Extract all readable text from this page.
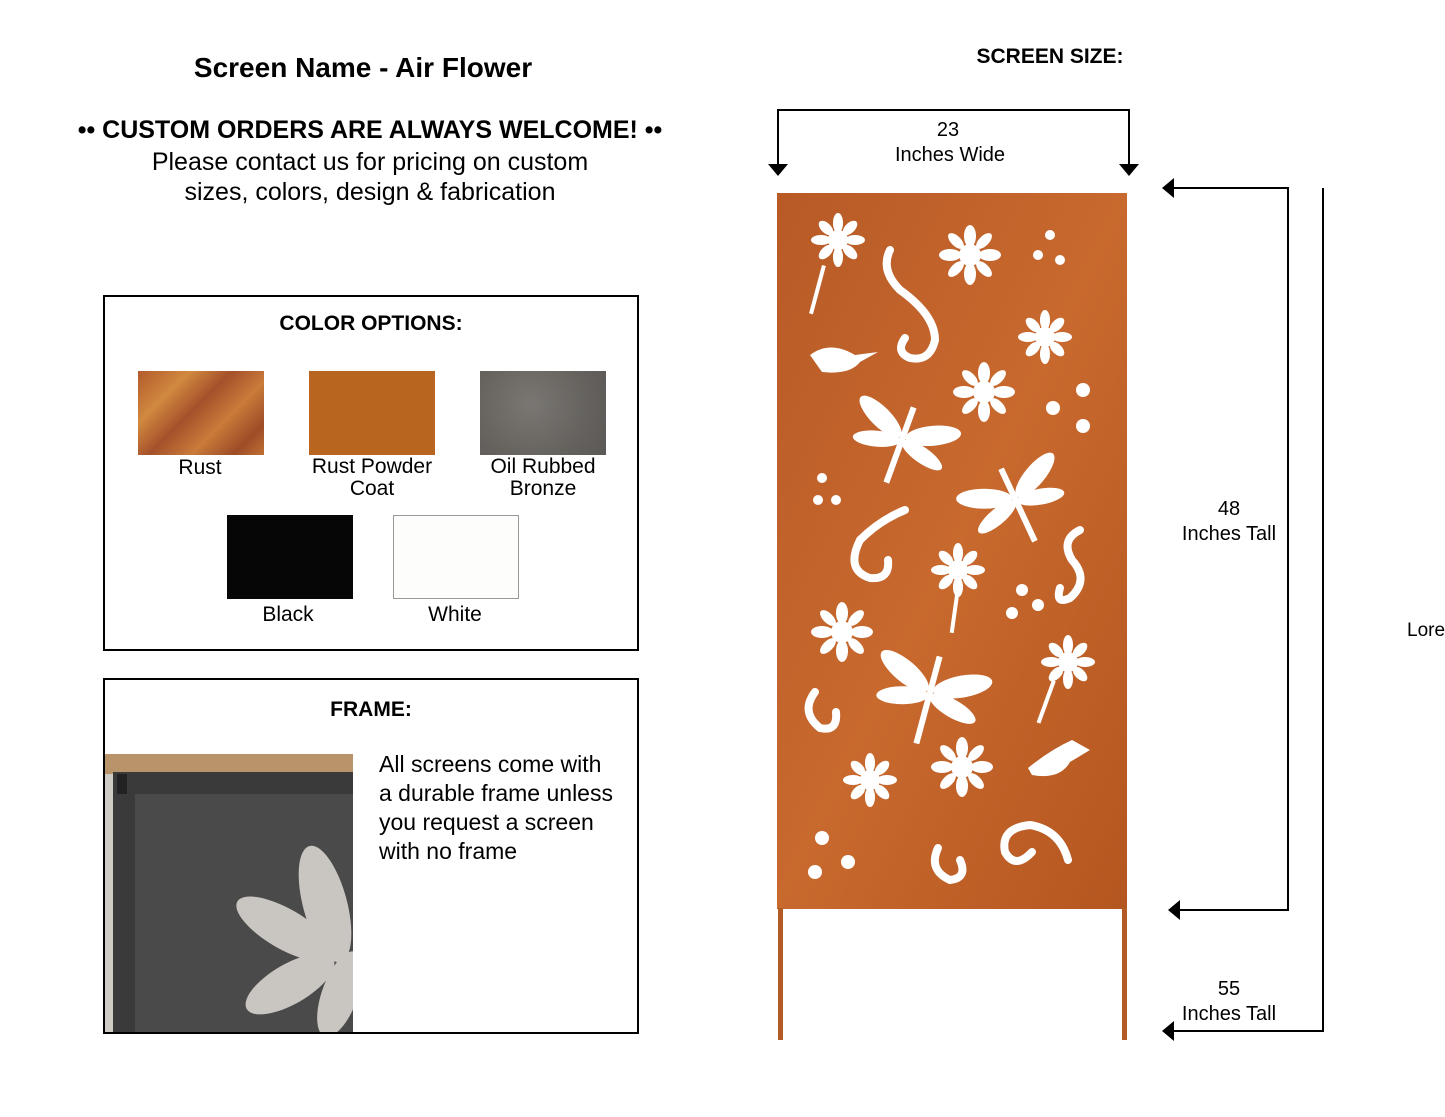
Screen Name - Air Flower
•• CUSTOM ORDERS ARE ALWAYS WELCOME! ••
Please contact us for pricing on custom
sizes, colors, design & fabrication
COLOR OPTIONS:
Rust	Rust Powder
Coat
Oil Rubbed
Bronze
Black	White
FRAME:
All screens come with
a durable frame unless
you request a screen
with no frame
SCREEN SIZE:
23
Inches Wide
48
Inches Tall
55
Inches Tall
Lore
